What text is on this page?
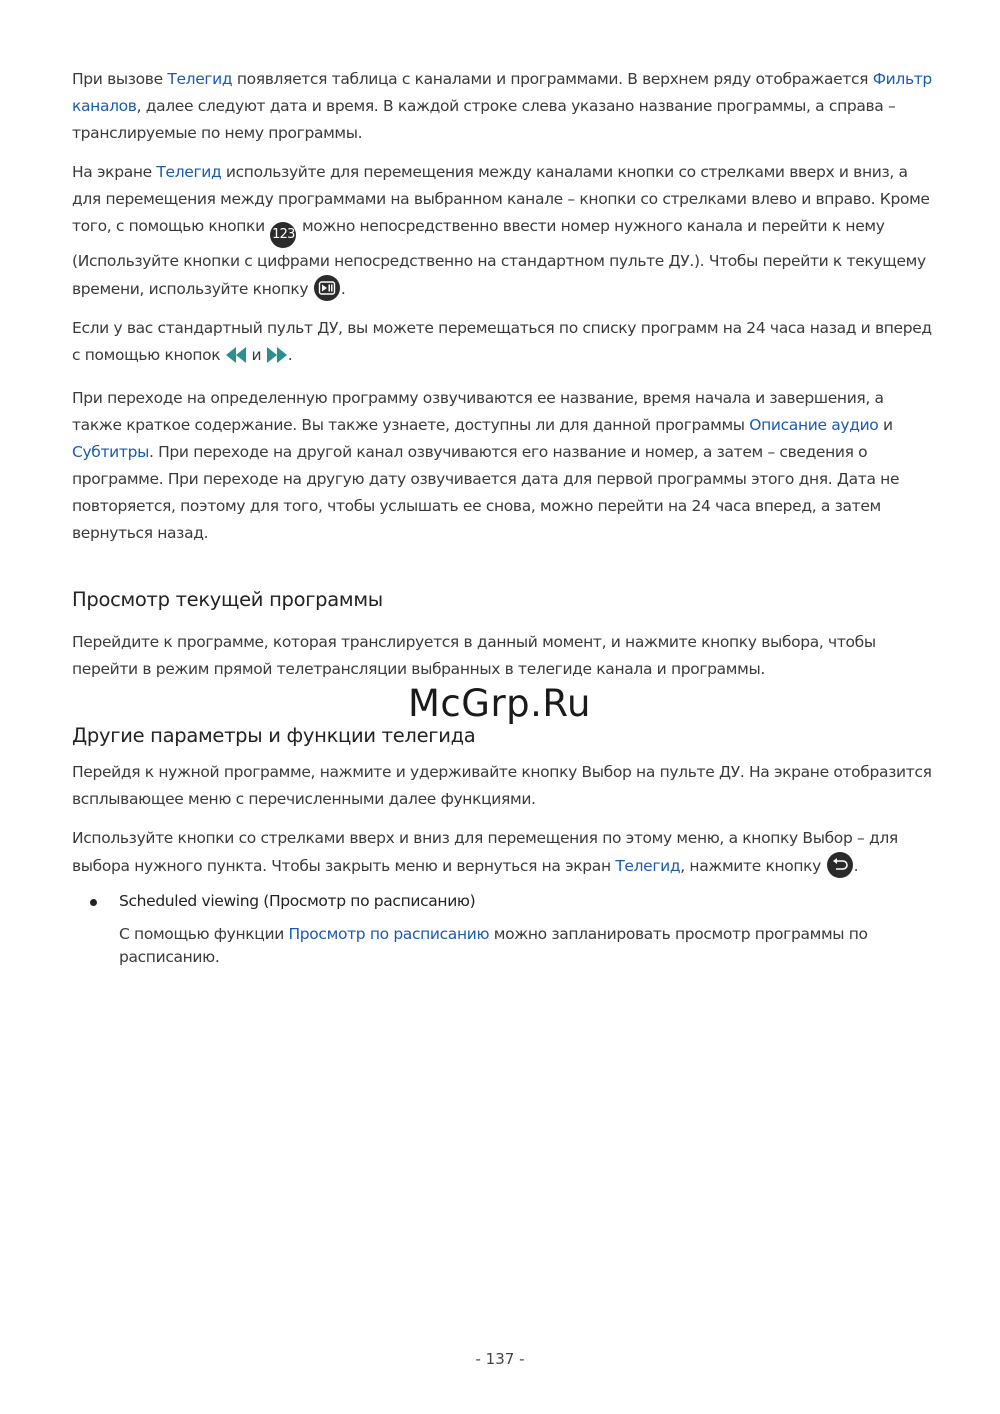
При вызове Телегид появляется таблица с каналами и программами. В верхнем ряду отображается Фильтр каналов, далее следуют дата и время. В каждой строке слева указано название программы, а справа – транслируемые по нему программы.

На экране Телегид используйте для перемещения между каналами кнопки со стрелками вверх и вниз, а для перемещения между программами на выбранном канале – кнопки со стрелками влево и вправо. Кроме того, с помощью кнопки 123 можно непосредственно ввести номер нужного канала и перейти к нему (Используйте кнопки с цифрами непосредственно на стандартном пульте ДУ.). Чтобы перейти к текущему времени, используйте кнопку
.

Если у вас стандартный пульт ДУ, вы можете перемещаться по списку программ на 24 часа назад и вперед с помощью кнопок  и .

При переходе на определенную программу озвучиваются ее название, время начала и завершения, а также краткое содержание. Вы также узнаете, доступны ли для данной программы Описание аудио и Субтитры. При переходе на другой канал озвучиваются его название и номер, а затем – сведения о программе. При переходе на другую дату озвучивается дата для первой программы этого дня. Дата не повторяется, поэтому для того, чтобы услышать ее снова, можно перейти на 24 часа вперед, а затем вернуться назад.

Просмотр текущей программы

Перейдите к программе, которая транслируется в данный момент, и нажмите кнопку выбора, чтобы перейти в режим прямой телетрансляции выбранных в телегиде канала и программы.

Другие параметры и функции телегида

Перейдя к нужной программе, нажмите и удерживайте кнопку Выбор на пульте ДУ. На экране отобразится всплывающее меню с перечисленными далее функциями.

Используйте кнопки со стрелками вверх и вниз для перемещения по этому меню, а кнопку Выбор – для выбора нужного пункта. Чтобы закрыть меню и вернуться на экран Телегид, нажмите кнопку
.

Scheduled viewing (Просмотр по расписанию)

С помощью функции Просмотр по расписанию можно запланировать просмотр программы по расписанию.

McGrp.Ru
- 137 -
